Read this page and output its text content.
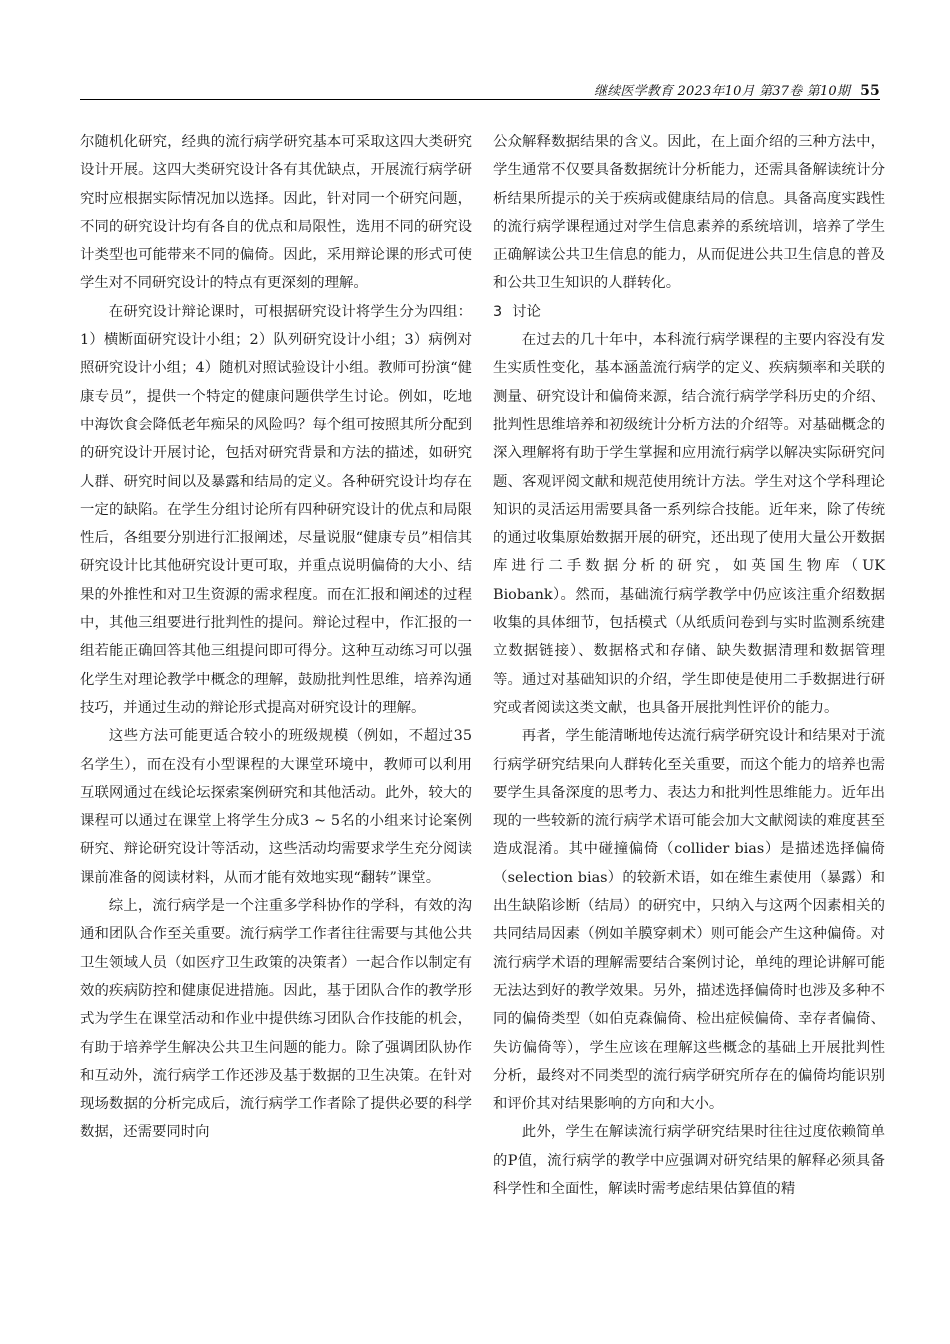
继续医学教育 2023年10月 第37卷 第10期 55

尔随机化研究，经典的流行病学研究基本可采取这四大类研究设计开展。这四大类研究设计各有其优缺点，开展流行病学研究时应根据实际情况加以选择。因此，针对同一个研究问题，不同的研究设计均有各自的优点和局限性，选用不同的研究设计类型也可能带来不同的偏倚。因此，采用辩论课的形式可使学生对不同研究设计的特点有更深刻的理解。

在研究设计辩论课时，可根据研究设计将学生分为四组：1）横断面研究设计小组；2）队列研究设计小组；3）病例对照研究设计小组；4）随机对照试验设计小组。教师可扮演“健康专员”，提供一个特定的健康问题供学生讨论。例如，吃地中海饮食会降低老年痴呆的风险吗？每个组可按照其所分配到的研究设计开展讨论，包括对研究背景和方法的描述，如研究人群、研究时间以及暴露和结局的定义。各种研究设计均存在一定的缺陷。在学生分组讨论所有四种研究设计的优点和局限性后，各组要分别进行汇报阐述，尽量说服“健康专员”相信其研究设计比其他研究设计更可取，并重点说明偏倚的大小、结果的外推性和对卫生资源的需求程度。而在汇报和阐述的过程中，其他三组要进行批判性的提问。辩论过程中，作汇报的一组若能正确回答其他三组提问即可得分。这种互动练习可以强化学生对理论教学中概念的理解，鼓励批判性思维，培养沟通技巧，并通过生动的辩论形式提高对研究设计的理解。

这些方法可能更适合较小的班级规模（例如，不超过35名学生），而在没有小型课程的大课堂环境中，教师可以利用互联网通过在线论坛探索案例研究和其他活动。此外，较大的课程可以通过在课堂上将学生分成3 ~ 5名的小组来讨论案例研究、辩论研究设计等活动，这些活动均需要求学生充分阅读课前准备的阅读材料，从而才能有效地实现“翻转”课堂。

综上，流行病学是一个注重多学科协作的学科，有效的沟通和团队合作至关重要。流行病学工作者往往需要与其他公共卫生领域人员（如医疗卫生政策的决策者）一起合作以制定有效的疾病防控和健康促进措施。因此，基于团队合作的教学形式为学生在课堂活动和作业中提供练习团队合作技能的机会，有助于培养学生解决公共卫生问题的能力。除了强调团队协作和互动外，流行病学工作还涉及基于数据的卫生决策。在针对现场数据的分析完成后，流行病学工作者除了提供必要的科学数据，还需要同时向

公众解释数据结果的含义。因此，在上面介绍的三种方法中，学生通常不仅要具备数据统计分析能力，还需具备解读统计分析结果所提示的关于疾病或健康结局的信息。具备高度实践性的流行病学课程通过对学生信息素养的系统培训，培养了学生正确解读公共卫生信息的能力，从而促进公共卫生信息的普及和公共卫生知识的人群转化。

3 讨论

在过去的几十年中，本科流行病学课程的主要内容没有发生实质性变化，基本涵盖流行病学的定义、疾病频率和关联的测量、研究设计和偏倚来源，结合流行病学学科历史的介绍、批判性思维培养和初级统计分析方法的介绍等。对基础概念的深入理解将有助于学生掌握和应用流行病学以解决实际研究问题、客观评阅文献和规范使用统计方法。学生对这个学科理论知识的灵活运用需要具备一系列综合技能。近年来，除了传统的通过收集原始数据开展的研究，还出现了使用大量公开数据库进行二手数据分析的研究，如英国生物库（UK Biobank）。然而，基础流行病学教学中仍应该注重介绍数据收集的具体细节，包括模式（从纸质问卷到与实时监测系统建立数据链接）、数据格式和存储、缺失数据清理和数据管理等。通过对基础知识的介绍，学生即使是使用二手数据进行研究或者阅读这类文献，也具备开展批判性评价的能力。

再者，学生能清晰地传达流行病学研究设计和结果对于流行病学研究结果向人群转化至关重要，而这个能力的培养也需要学生具备深度的思考力、表达力和批判性思维能力。近年出现的一些较新的流行病学术语可能会加大文献阅读的难度甚至造成混淆。其中碰撞偏倚（collider bias）是描述选择偏倚（selection bias）的较新术语，如在维生素使用（暴露）和出生缺陷诊断（结局）的研究中，只纳入与这两个因素相关的共同结局因素（例如羊膜穿刺术）则可能会产生这种偏倚。对流行病学术语的理解需要结合案例讨论，单纯的理论讲解可能无法达到好的教学效果。另外，描述选择偏倚时也涉及多种不同的偏倚类型（如伯克森偏倚、检出症候偏倚、幸存者偏倚、失访偏倚等），学生应该在理解这些概念的基础上开展批判性分析，最终对不同类型的流行病学研究所存在的偏倚均能识别和评价其对结果影响的方向和大小。

此外，学生在解读流行病学研究结果时往往过度依赖简单的P值，流行病学的教学中应强调对研究结果的解释必须具备科学性和全面性，解读时需考虑结果估算值的精
